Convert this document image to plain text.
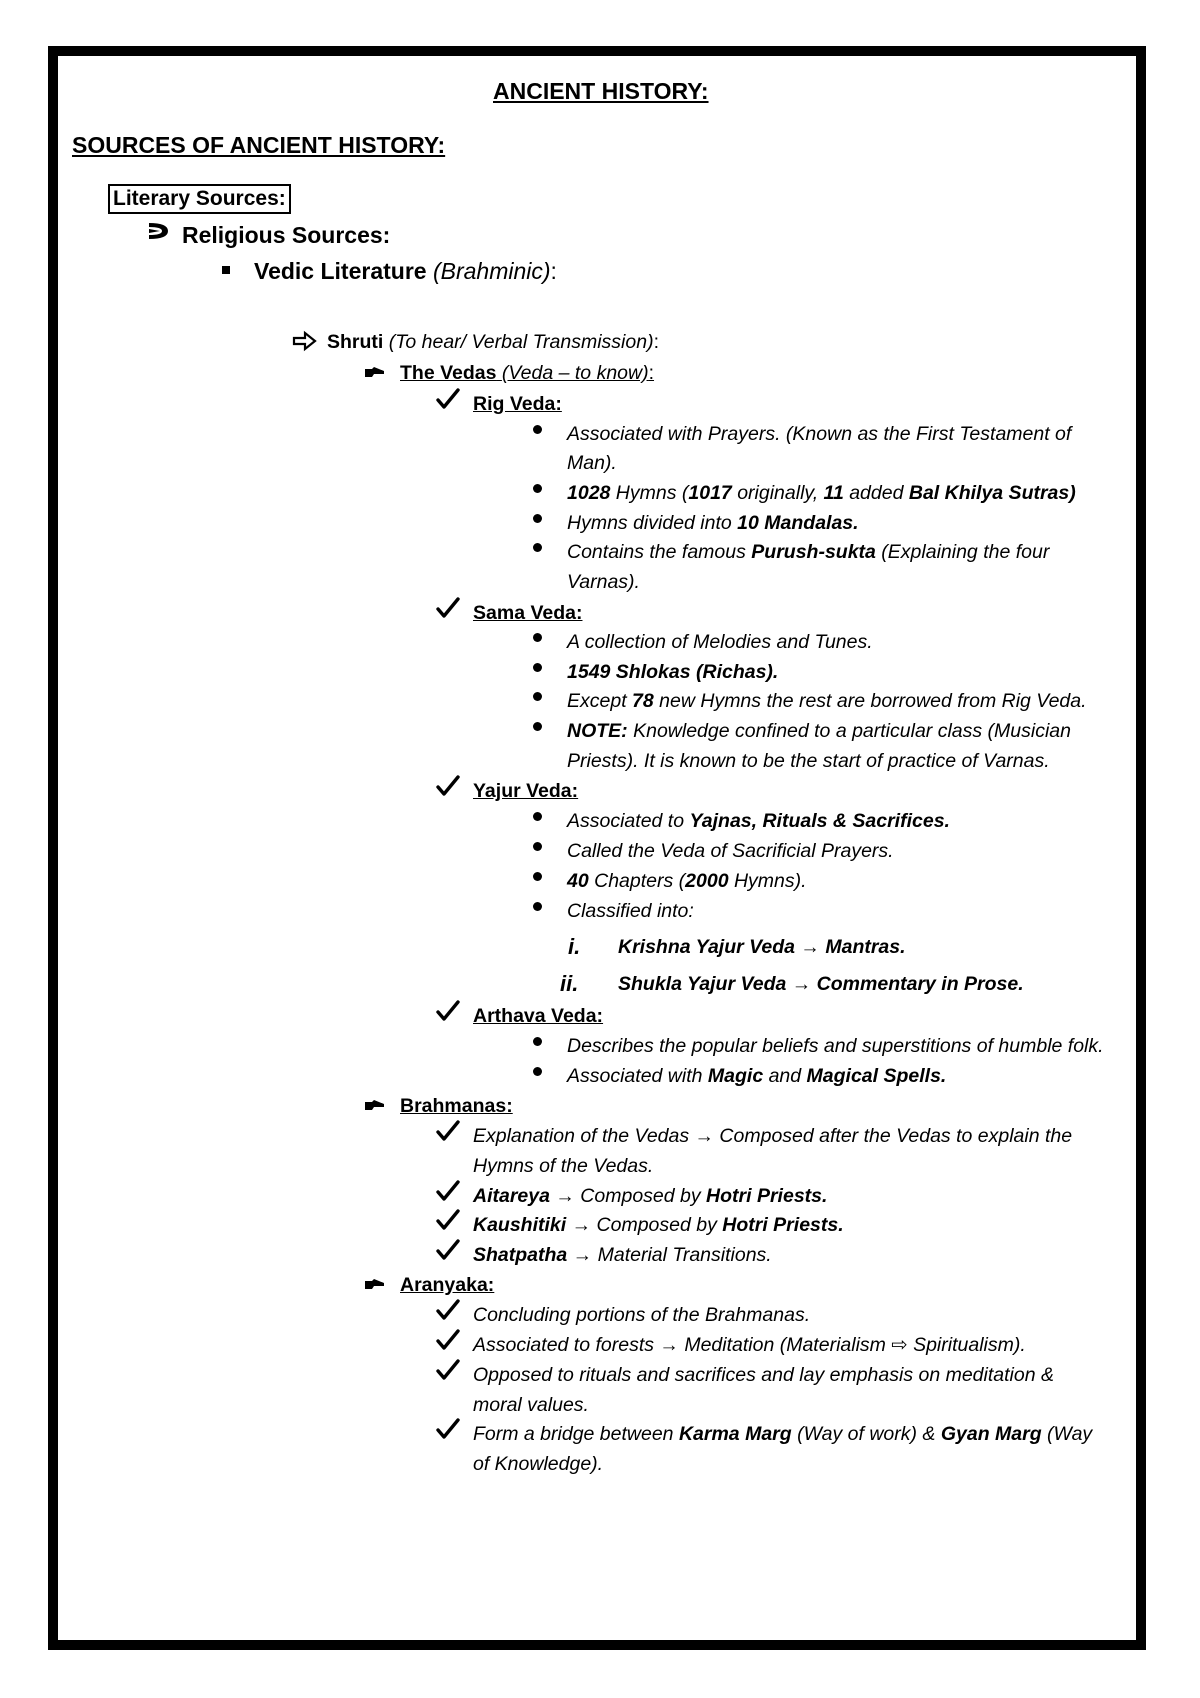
ANCIENT HISTORY:
SOURCES OF ANCIENT HISTORY:
Literary Sources:
Religious Sources:
Vedic Literature (Brahminic):
Shruti (To hear/ Verbal Transmission):
The Vedas (Veda – to know):
Rig Veda:
Associated with Prayers. (Known as the First Testament of
Man).
1028 Hymns (1017 originally, 11 added Bal Khilya Sutras)
Hymns divided into 10 Mandalas.
Contains the famous Purush-sukta (Explaining the four
Varnas).
Sama Veda:
A collection of Melodies and Tunes.
1549 Shlokas (Richas).
Except 78 new Hymns the rest are borrowed from Rig Veda.
NOTE: Knowledge confined to a particular class (Musician
Priests). It is known to be the start of practice of Varnas.
Yajur Veda:
Associated to Yajnas, Rituals & Sacrifices.
Called the Veda of Sacrificial Prayers.
40 Chapters (2000 Hymns).
Classified into:
i. Krishna Yajur Veda → Mantras.
ii. Shukla Yajur Veda → Commentary in Prose.
Arthava Veda:
Describes the popular beliefs and superstitions of humble folk.
Associated with Magic and Magical Spells.
Brahmanas:
Explanation of the Vedas → Composed after the Vedas to explain the
Hymns of the Vedas.
Aitareya → Composed by Hotri Priests.
Kaushitiki → Composed by Hotri Priests.
Shatpatha → Material Transitions.
Aranyaka:
Concluding portions of the Brahmanas.
Associated to forests → Meditation (Materialism ⇨ Spiritualism).
Opposed to rituals and sacrifices and lay emphasis on meditation &
moral values.
Form a bridge between Karma Marg (Way of work) & Gyan Marg (Way
of Knowledge).
